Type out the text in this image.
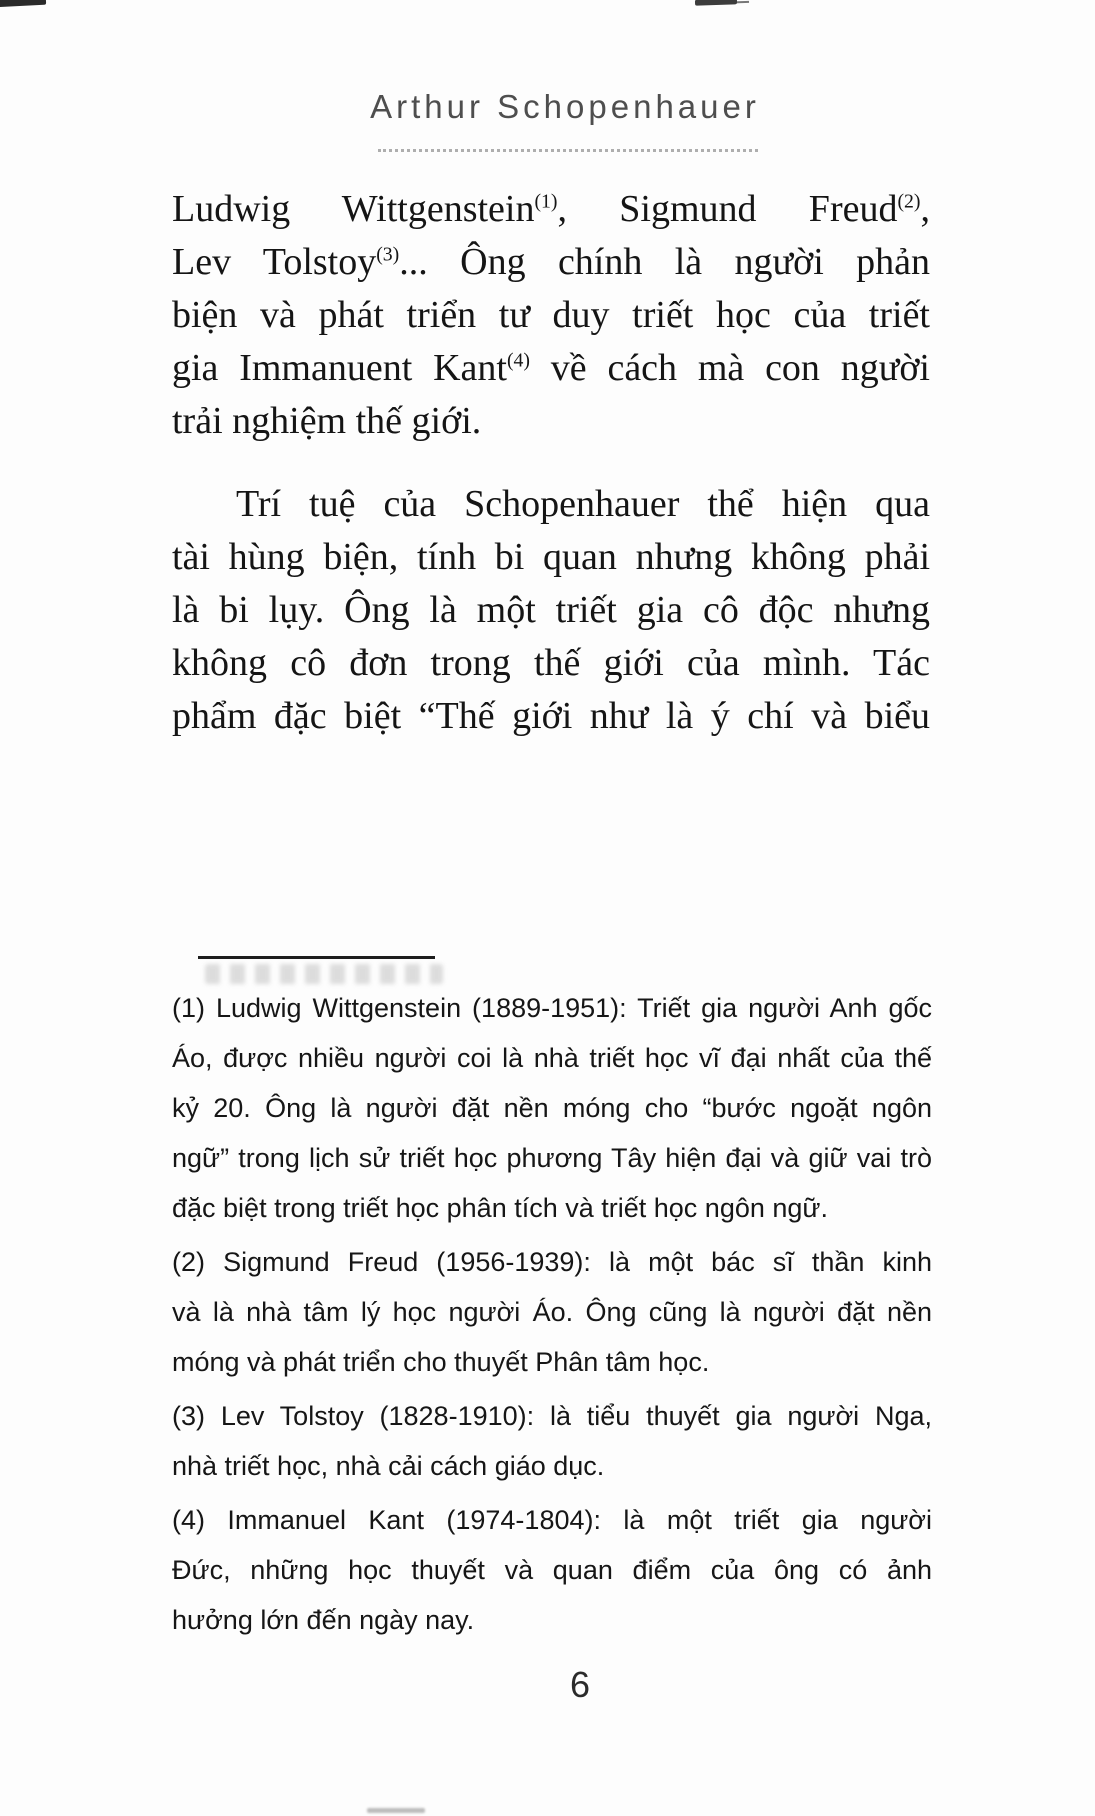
Arthur Schopenhauer
Ludwig Wittgenstein$^{(1)}$, Sigmund Freud$^{(2)}$,
Lev Tolstoy$^{(3)}$... Ông chính là người phản
biện và phát triển tư duy triết học của triết
gia Immanuent Kant$^{(4)}$ về cách mà con người
trải nghiệm thế giới.
Trí tuệ của Schopenhauer thể hiện qua
tài hùng biện, tính bi quan nhưng không phải
là bi lụy. Ông là một triết gia cô độc nhưng
không cô đơn trong thế giới của mình. Tác
phẩm đặc biệt “Thế giới như là ý chí và biểu
(1) Ludwig Wittgenstein (1889-1951): Triết gia người Anh gốc
Áo, được nhiều người coi là nhà triết học vĩ đại nhất của thế
kỷ 20. Ông là người đặt nền móng cho “bước ngoặt ngôn
ngữ” trong lịch sử triết học phương Tây hiện đại và giữ vai trò
đặc biệt trong triết học phân tích và triết học ngôn ngữ.
(2) Sigmund Freud (1956-1939): là một bác sĩ thần kinh
và là nhà tâm lý học người Áo. Ông cũng là người đặt nền
móng và phát triển cho thuyết Phân tâm học.
(3) Lev Tolstoy (1828-1910): là tiểu thuyết gia người Nga,
nhà triết học, nhà cải cách giáo dục.
(4) Immanuel Kant (1974-1804): là một triết gia người
Đức, những học thuyết và quan điểm của ông có ảnh
hưởng lớn đến ngày nay.
6
